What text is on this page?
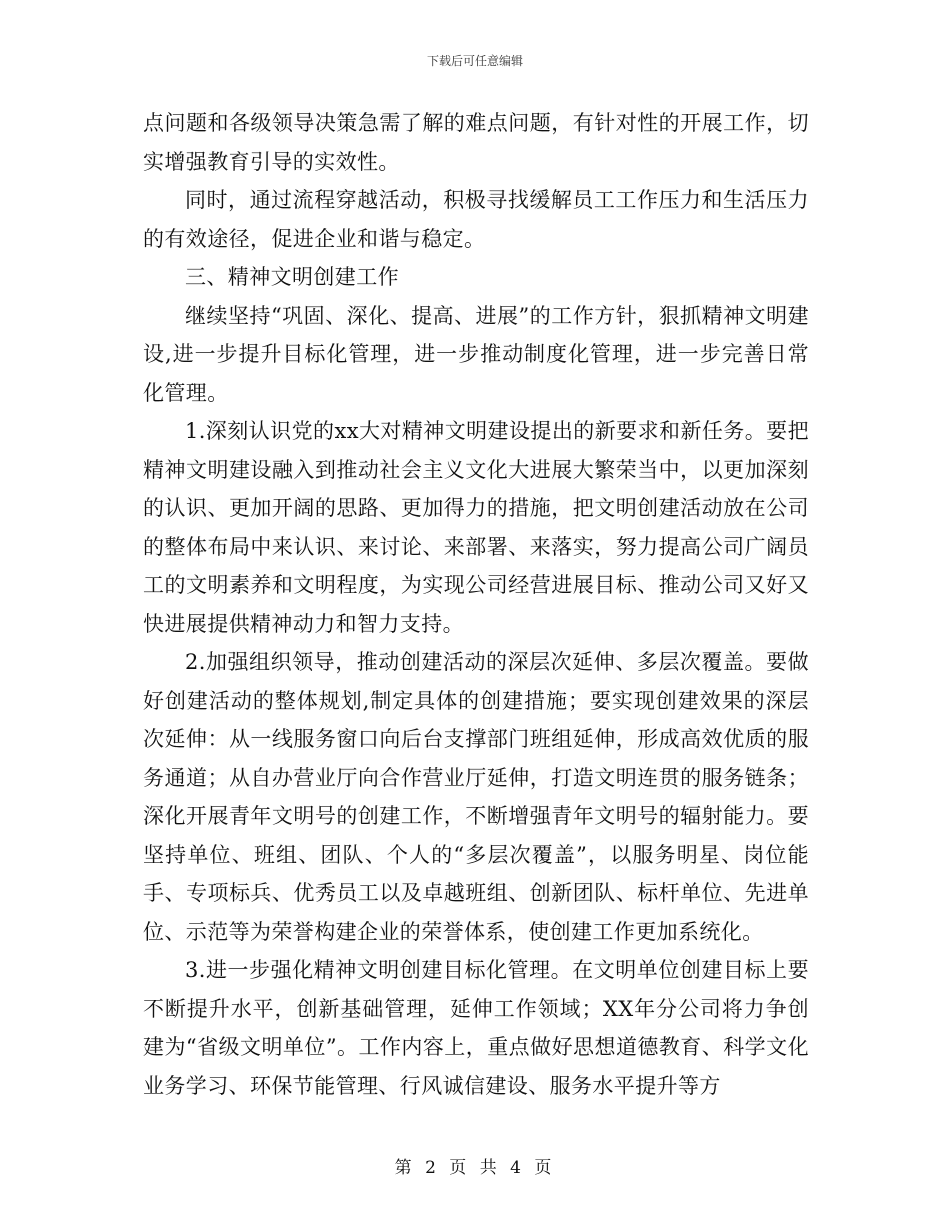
下载后可任意编辑

点问题和各级领导决策急需了解的难点问题，有针对性的开展工作，切实增强教育引导的实效性。

同时，通过流程穿越活动，积极寻找缓解员工工作压力和生活压力的有效途径，促进企业和谐与稳定。

三、精神文明创建工作

继续坚持“巩固、深化、提高、进展”的工作方针，狠抓精神文明建设,进一步提升目标化管理，进一步推动制度化管理，进一步完善日常化管理。

1.深刻认识党的xx大对精神文明建设提出的新要求和新任务。要把精神文明建设融入到推动社会主义文化大进展大繁荣当中，以更加深刻的认识、更加开阔的思路、更加得力的措施，把文明创建活动放在公司的整体布局中来认识、来讨论、来部署、来落实，努力提高公司广阔员工的文明素养和文明程度，为实现公司经营进展目标、推动公司又好又快进展提供精神动力和智力支持。

2.加强组织领导，推动创建活动的深层次延伸、多层次覆盖。要做好创建活动的整体规划,制定具体的创建措施；要实现创建效果的深层次延伸：从一线服务窗口向后台支撑部门班组延伸，形成高效优质的服务通道；从自办营业厅向合作营业厅延伸，打造文明连贯的服务链条；深化开展青年文明号的创建工作，不断增强青年文明号的辐射能力。要坚持单位、班组、团队、个人的“多层次覆盖”，以服务明星、岗位能手、专项标兵、优秀员工以及卓越班组、创新团队、标杆单位、先进单位、示范等为荣誉构建企业的荣誉体系，使创建工作更加系统化。

3.进一步强化精神文明创建目标化管理。在文明单位创建目标上要不断提升水平，创新基础管理，延伸工作领域；XX年分公司将力争创建为“省级文明单位”。工作内容上，重点做好思想道德教育、科学文化业务学习、环保节能管理、行风诚信建设、服务水平提升等方

第 2 页 共 4 页
